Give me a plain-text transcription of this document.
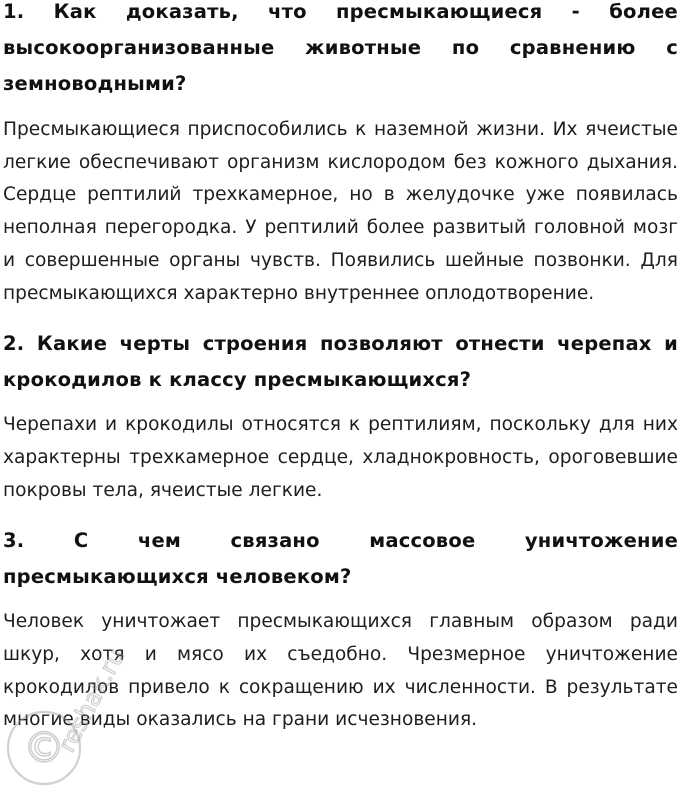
1. Как доказать, что пресмыкающиеся - более высокоорганизованные животные по сравнению с земноводными?

Пресмыкающиеся приспособились к наземной жизни. Их ячеистые легкие обеспечивают организм кислородом без кожного дыхания. Сердце рептилий трехкамерное, но в желудочке уже появилась неполная перегородка. У рептилий более развитый головной мозг и совершенные органы чувств. Появились шейные позвонки. Для пресмыкающихся характерно внутреннее оплодотворение.

2. Какие черты строения позволяют отнести черепах и крокодилов к классу пресмыкающихся?

Черепахи и крокодилы относятся к рептилиям, поскольку для них характерны трехкамерное сердце, хладнокровность, ороговевшие покровы тела, ячеистые легкие.

3. С чем связано массовое уничтожение пресмыкающихся человеком?

Человек уничтожает пресмыкающихся главным образом ради шкур, хотя и мясо их съедобно. Чрезмерное уничтожение крокодилов привело к сокращению их численности. В результате многие виды оказались на грани исчезновения.

©
reshak.ru
